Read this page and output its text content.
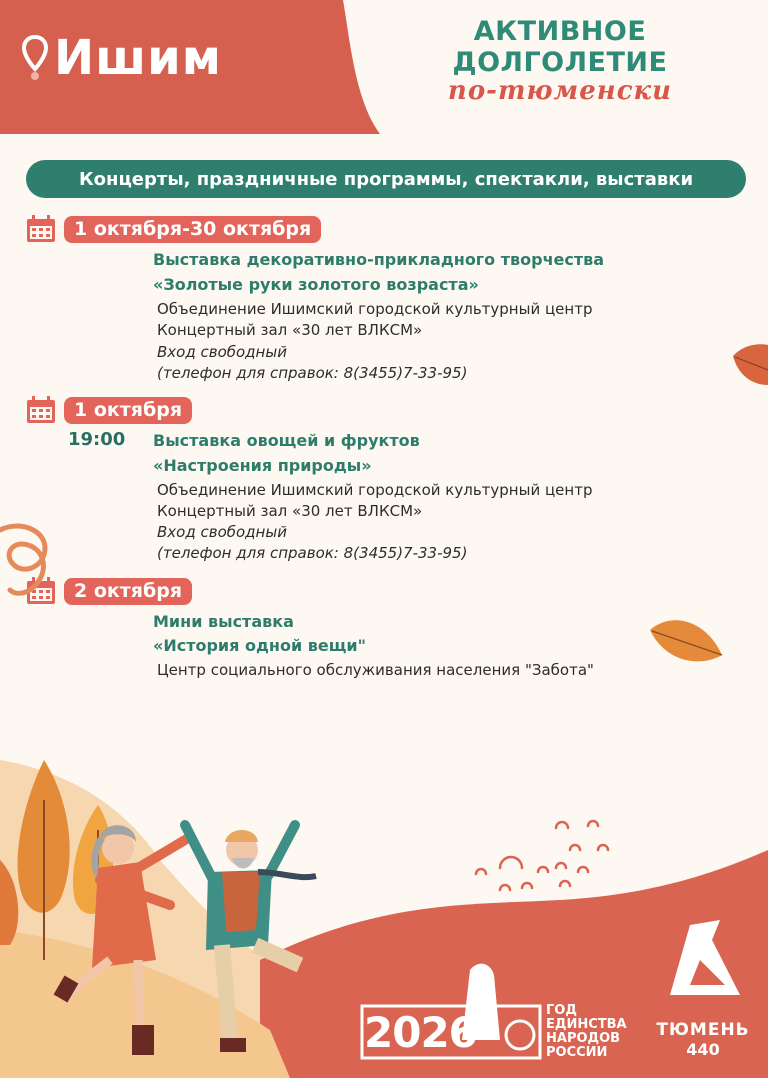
Ишим	АКТИВНОЕ
ДОЛГОЛЕТИЕ
по-тюменски
Концерты, праздничные программы, спектакли, выставки
1 октября-30 октября
Выставка декоративно-прикладного творчества
«Золотые руки золотого возраста»
Объединение Ишимский городской культурный центр
Концертный зал «30 лет ВЛКСМ»
Вход свободный
(телефон для справок: 8(3455)7-33-95)
1 октября
19:00 Выставка овощей и фруктов
«Настроения природы»
Объединение Ишимский городской культурный центр
Концертный зал «30 лет ВЛКСМ»
Вход свободный
(телефон для справок: 8(3455)7-33-95)
2 октября
Мини выставка
«История одной вещи"
Центр социального обслуживания населения "Забота"
2026	ГОД
ЕДИНСТВА
НАРОДОВ
РОССИИ
ТЮМЕНЬ
440
